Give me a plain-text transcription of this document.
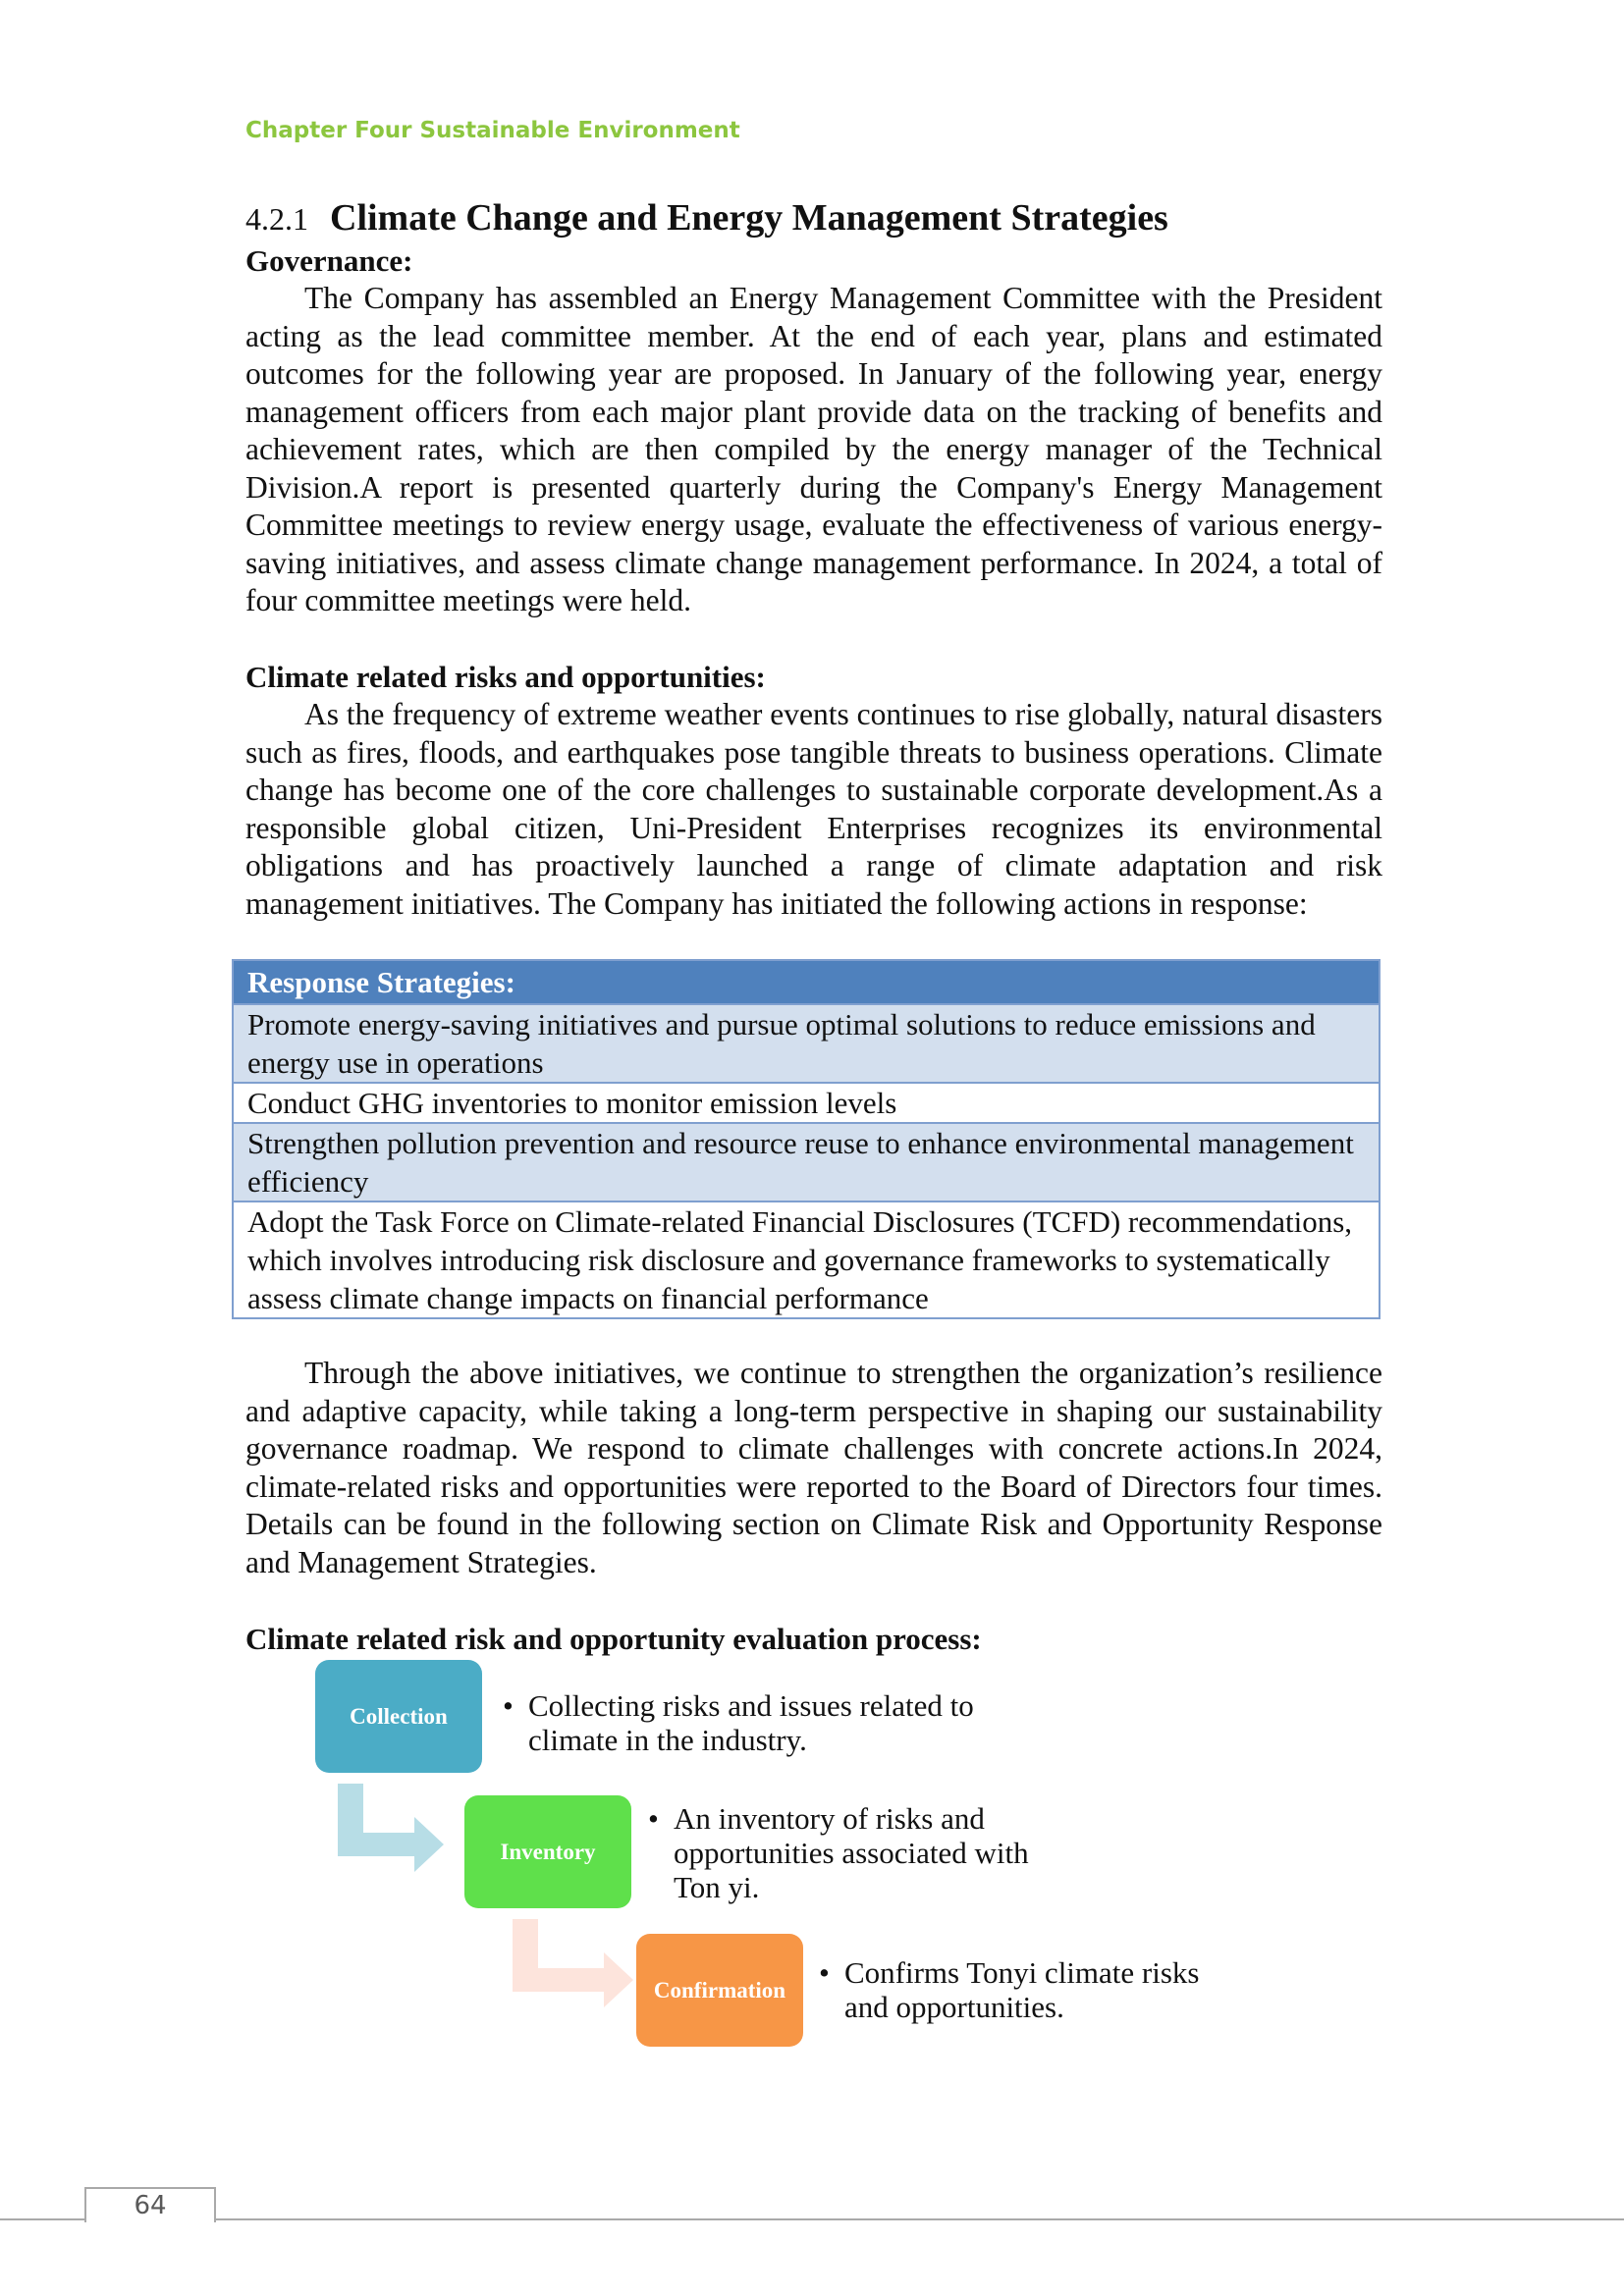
Chapter Four Sustainable Environment
4.2.1 Climate Change and Energy Management Strategies
Governance:

The Company has assembled an Energy Management Committee with the President acting as the lead committee member. At the end of each year, plans and estimated outcomes for the following year are proposed. In January of the following year, energy management officers from each major plant provide data on the tracking of benefits and achievement rates, which are then compiled by the energy manager of the Technical Division.A report is presented quarterly during the Company's Energy Management Committee meetings to review energy usage, evaluate the effectiveness of various energy-saving initiatives, and assess climate change management performance. In 2024, a total of four committee meetings were held.

Climate related risks and opportunities:

As the frequency of extreme weather events continues to rise globally, natural disasters such as fires, floods, and earthquakes pose tangible threats to business operations. Climate change has become one of the core challenges to sustainable corporate development.As a responsible global citizen, Uni-President Enterprises recognizes its environmental obligations and has proactively launched a range of climate adaptation and risk management initiatives. The Company has initiated the following actions in response:

Response Strategies:
Promote energy-saving initiatives and pursue optimal solutions to reduce emissions and energy use in operations
Conduct GHG inventories to monitor emission levels
Strengthen pollution prevention and resource reuse to enhance environmental management efficiency
Adopt the Task Force on Climate-related Financial Disclosures (TCFD) recommendations, which involves introducing risk disclosure and governance frameworks to systematically assess climate change impacts on financial performance

Through the above initiatives, we continue to strengthen the organization’s resilience and adaptive capacity, while taking a long-term perspective in shaping our sustainability governance roadmap. We respond to climate challenges with concrete actions.In 2024, climate-related risks and opportunities were reported to the Board of Directors four times. Details can be found in the following section on Climate Risk and Opportunity Response and Management Strategies.

Climate related risk and opportunity evaluation process:
Collection
Inventory
Confirmation
• Collecting risks and issues related to climate in the industry.
• An inventory of risks and opportunities associated with Ton yi.
• Confirms Tonyi climate risks and opportunities.
64
